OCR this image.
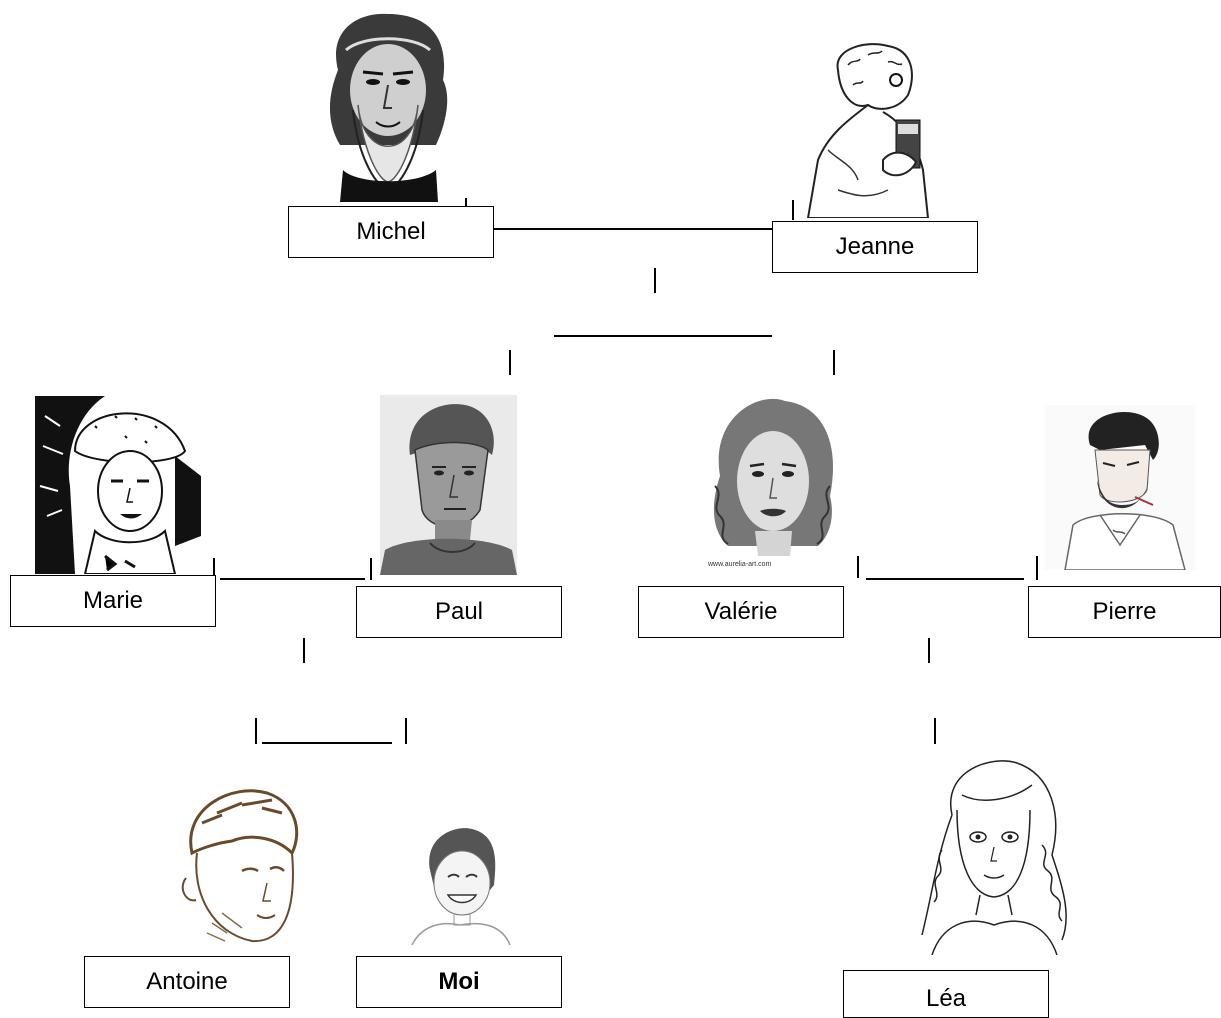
www.aurelia-art.com
Michel
Jeanne
Marie	Paul	Valérie	Pierre
Antoine	Moi
Léa
